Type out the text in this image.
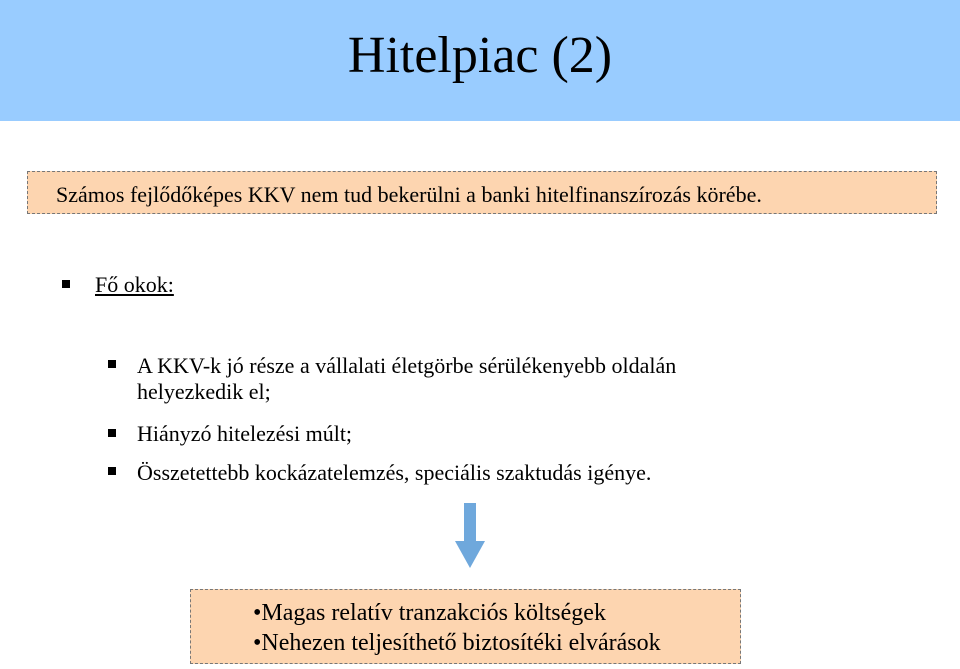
Hitelpiac (2)
Számos fejlődőképes KKV nem tud bekerülni a banki hitelfinanszírozás körébe.
Fő okok:
A KKV-k jó része a vállalati életgörbe sérülékenyebb oldalán
helyezkedik el;
Hiányzó hitelezési múlt;
Összetettebb kockázatelemzés, speciális szaktudás igénye.
•Magas relatív tranzakciós költségek
•Nehezen teljesíthető biztosítéki elvárások
